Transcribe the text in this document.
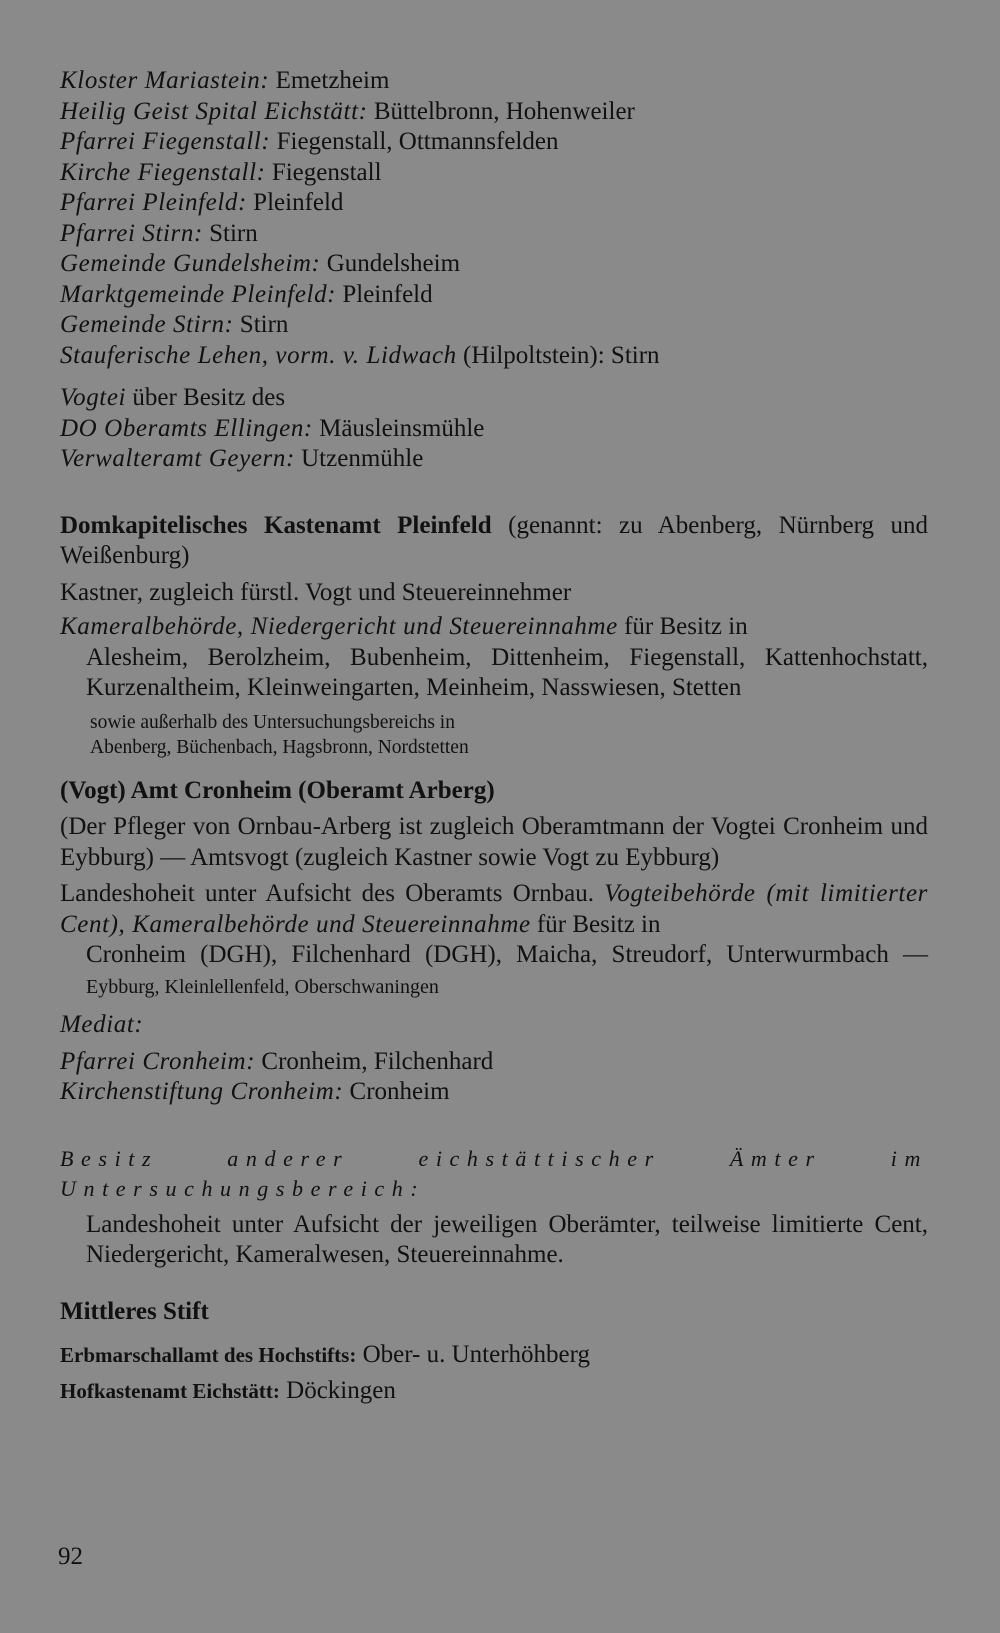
Kloster Mariastein: Emetzheim
Heilig Geist Spital Eichstätt: Büttelbronn, Hohenweiler
Pfarrei Fiegenstall: Fiegenstall, Ottmannsfelden
Kirche Fiegenstall: Fiegenstall
Pfarrei Pleinfeld: Pleinfeld
Pfarrei Stirn: Stirn
Gemeinde Gundelsheim: Gundelsheim
Marktgemeinde Pleinfeld: Pleinfeld
Gemeinde Stirn: Stirn
Stauferische Lehen, vorm. v. Lidwach (Hilpoltstein): Stirn
Vogtei über Besitz des
DO Oberamts Ellingen: Mäusleinsmühle
Verwalteramt Geyern: Utzenmühle
Domkapitelisches Kastenamt Pleinfeld (genannt: zu Abenberg, Nürnberg und Weißenburg)
Kastner, zugleich fürstl. Vogt und Steuereinnehmer
Kameralbehörde, Niedergericht und Steuereinnahme für Besitz in
Alesheim, Berolzheim, Bubenheim, Dittenheim, Fiegenstall, Kattenhochstatt, Kurzenaltheim, Kleinweingarten, Meinheim, Nasswiesen, Stetten
sowie außerhalb des Untersuchungsbereichs in
Abenberg, Büchenbach, Hagsbronn, Nordstetten
(Vogt) Amt Cronheim (Oberamt Arberg)
(Der Pfleger von Ornbau-Arberg ist zugleich Oberamtmann der Vogtei Cronheim und Eybburg) — Amtsvogt (zugleich Kastner sowie Vogt zu Eybburg)
Landeshoheit unter Aufsicht des Oberamts Ornbau. Vogteibehörde (mit limitierter Cent), Kameralbehörde und Steuereinnahme für Besitz in
Cronheim (DGH), Filchenhard (DGH), Maicha, Streudorf, Unterwurmbach — Eybburg, Kleinlellenfeld, Oberschwaningen
Mediat:
Pfarrei Cronheim: Cronheim, Filchenhard
Kirchenstiftung Cronheim: Cronheim
Besitz anderer eichstättischer Ämter im Untersuchungsbereich:
Landeshoheit unter Aufsicht der jeweiligen Oberämter, teilweise limitierte Cent, Niedergericht, Kameralwesen, Steuereinnahme.
Mittleres Stift
Erbmarschallamt des Hochstifts: Ober- u. Unterhöhberg
Hofkastenamt Eichstätt: Döckingen
92
